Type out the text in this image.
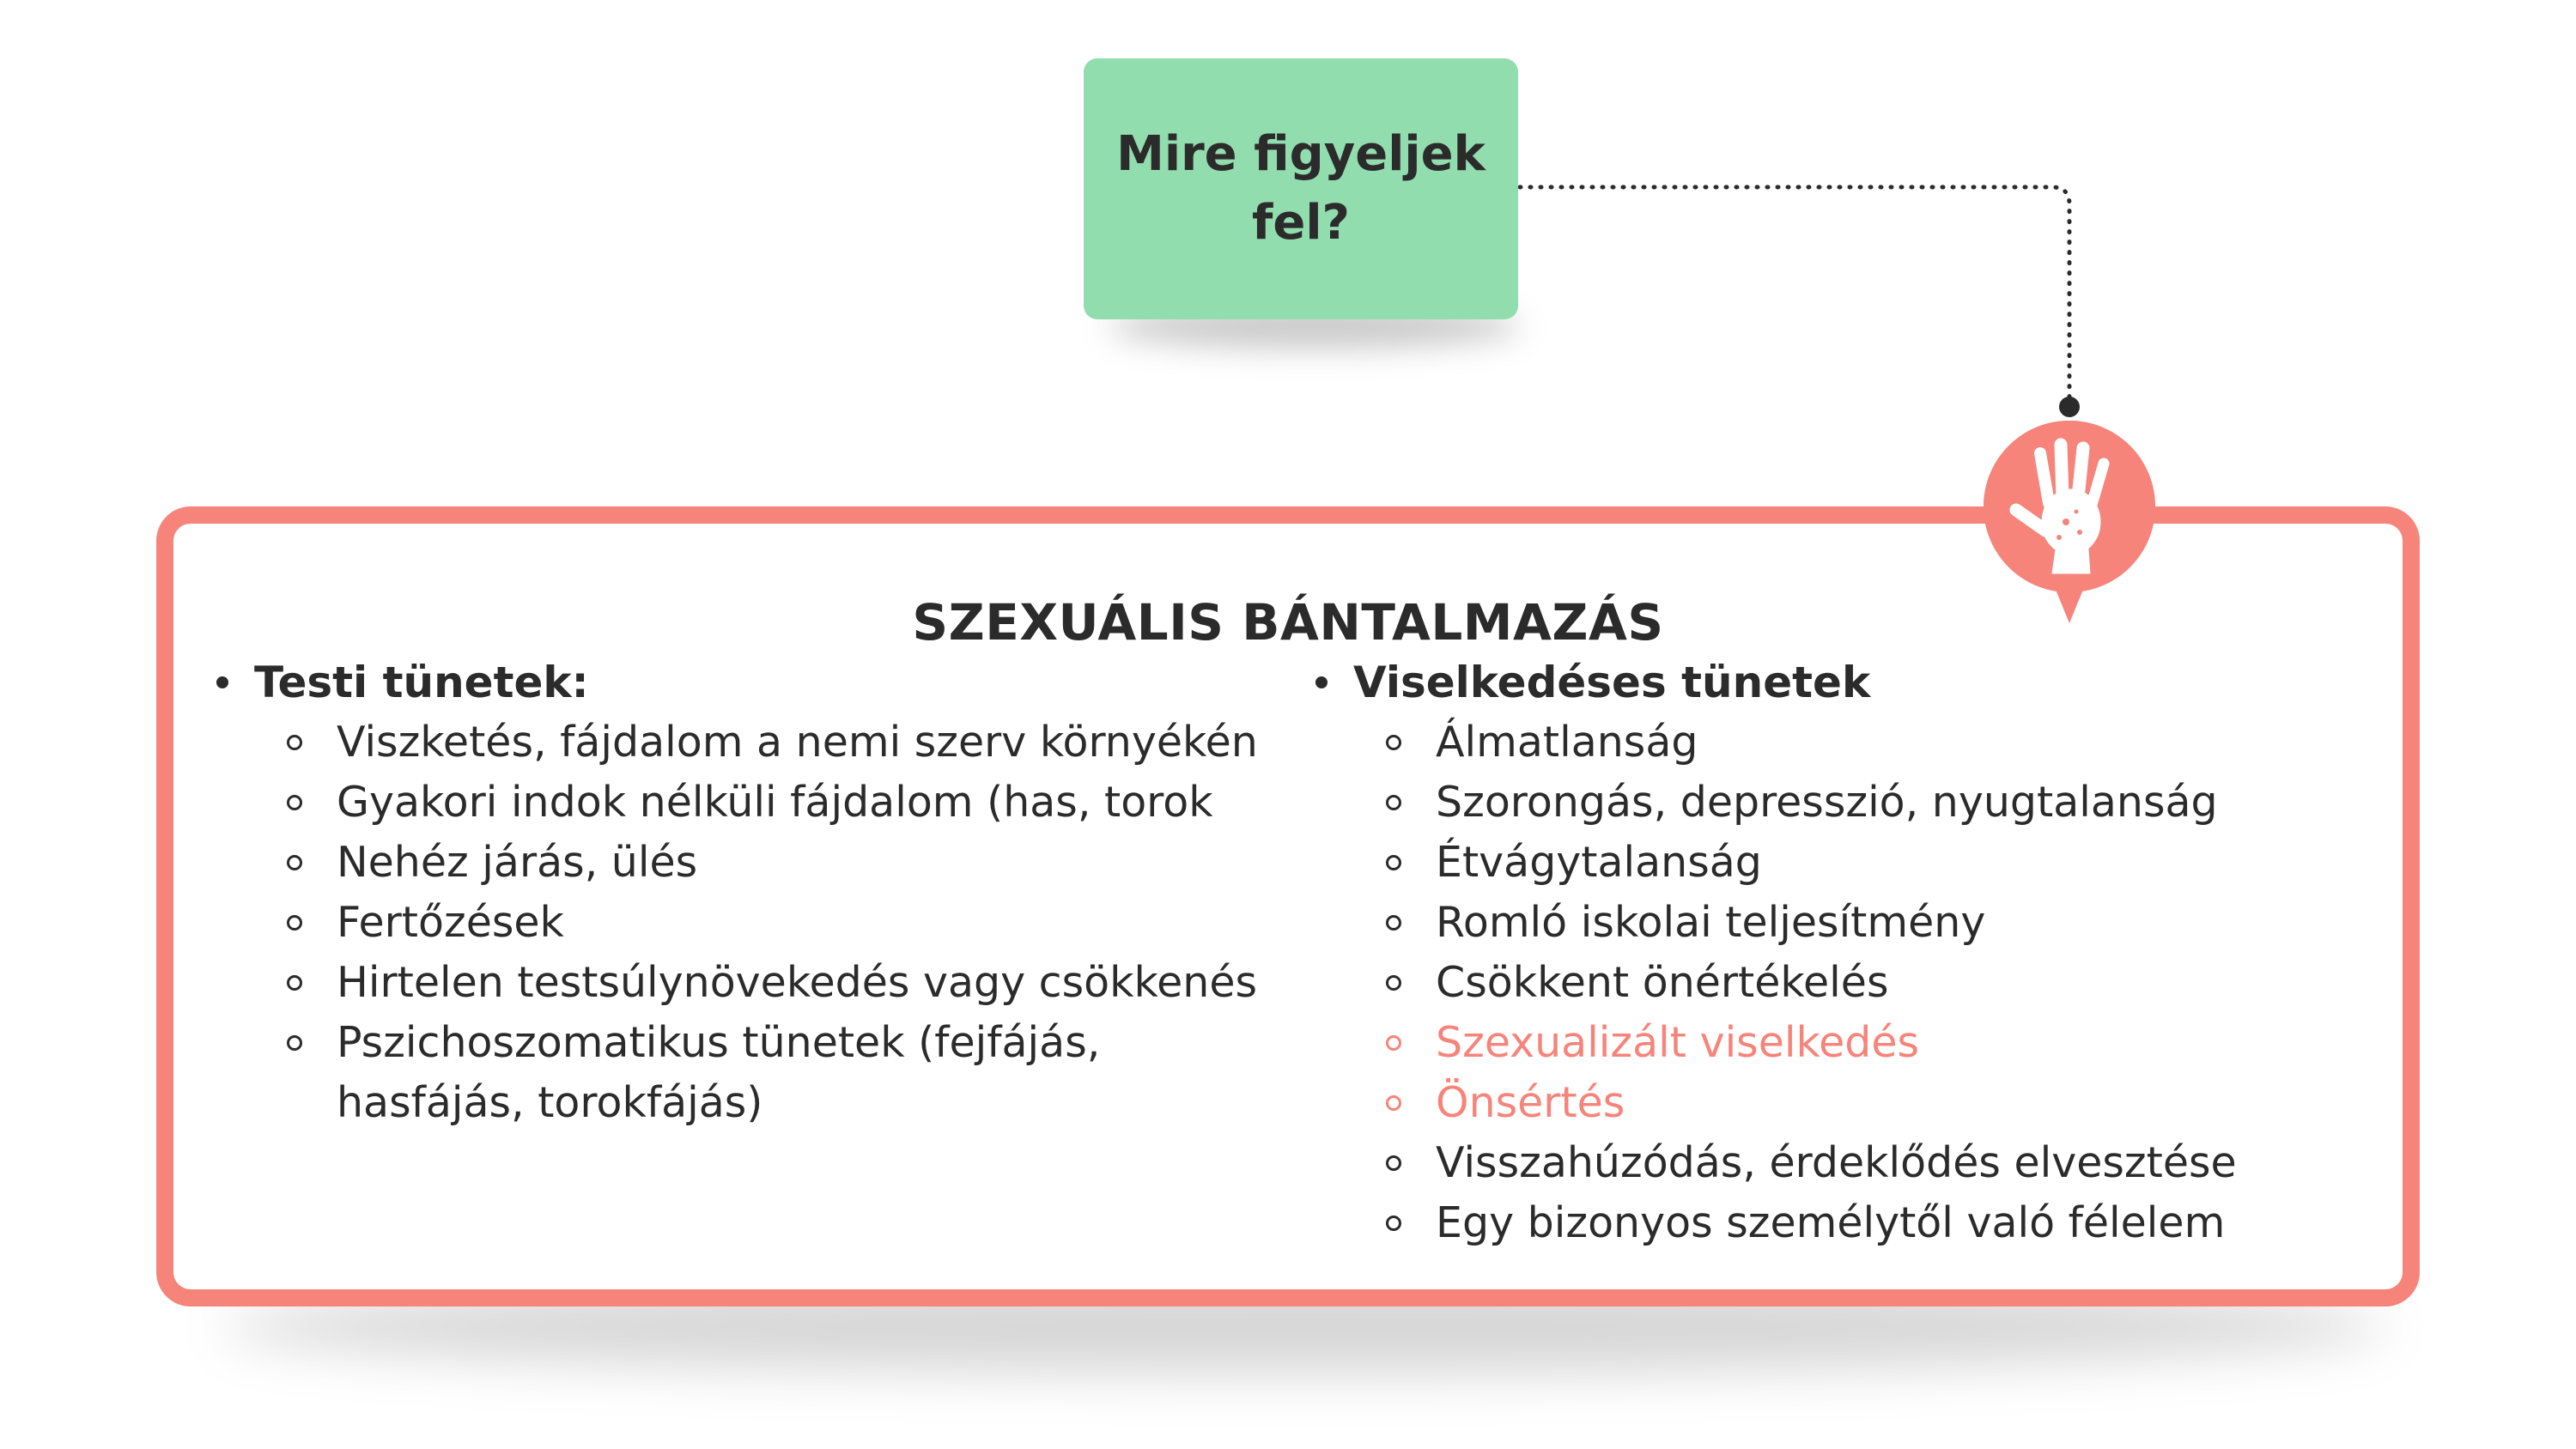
Mire figyeljek fel?
SZEXUÁLIS BÁNTALMAZÁS
Testi tünetek:
Viszketés, fájdalom a nemi szerv környékén
Gyakori indok nélküli fájdalom (has, torok
Nehéz járás, ülés
Fertőzések
Hirtelen testsúlynövekedés vagy csökkenés
Pszichoszomatikus tünetek (fejfájás, hasfájás, torokfájás)
Viselkedéses tünetek
Álmatlanság
Szorongás, depresszió, nyugtalanság
Étvágytalanság
Romló iskolai teljesítmény
Csökkent önértékelés
Szexualizált viselkedés
Önsértés
Visszahúzódás, érdeklődés elvesztése
Egy bizonyos személytől való félelem
